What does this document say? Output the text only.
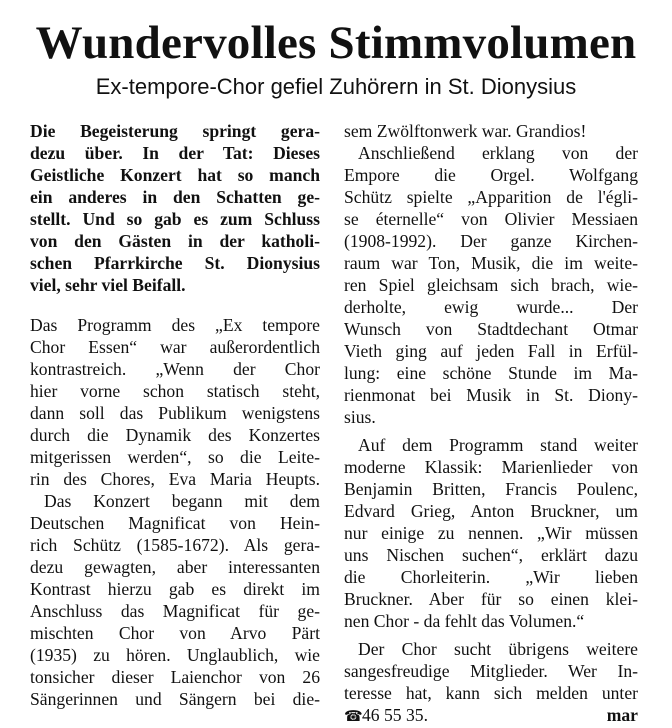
Wundervolles Stimmvolumen
Ex-tempore-Chor gefiel Zuhörern in St. Dionysius
Die Begeisterung springt gera-
dezu über. In der Tat: Dieses
Geistliche Konzert hat so manch
ein anderes in den Schatten ge-
stellt. Und so gab es zum Schluss
von den Gästen in der katholi-
schen Pfarrkirche St. Dionysius
viel, sehr viel Beifall.
Das Programm des „Ex tempore
Chor Essen“ war außerordentlich
kontrastreich. „Wenn der Chor
hier vorne schon statisch steht,
dann soll das Publikum wenigstens
durch die Dynamik des Konzertes
mitgerissen werden“, so die Leite-
rin des Chores, Eva Maria Heupts.
Das Konzert begann mit dem
Deutschen Magnificat von Hein-
rich Schütz (1585-1672). Als gera-
dezu gewagten, aber interessanten
Kontrast hierzu gab es direkt im
Anschluss das Magnificat für ge-
mischten Chor von Arvo Pärt
(1935) zu hören. Unglaublich, wie
tonsicher dieser Laienchor von 26
Sängerinnen und Sängern bei die-
sem Zwölftonwerk war. Grandios!
Anschließend erklang von der
Empore die Orgel. Wolfgang
Schütz spielte „Apparition de l'égli-
se éternelle“ von Olivier Messiaen
(1908-1992). Der ganze Kirchen-
raum war Ton, Musik, die im weite-
ren Spiel gleichsam sich brach, wie-
derholte, ewig wurde... Der
Wunsch von Stadtdechant Otmar
Vieth ging auf jeden Fall in Erfül-
lung: eine schöne Stunde im Ma-
rienmonat bei Musik in St. Diony-
sius.
Auf dem Programm stand weiter
moderne Klassik: Marienlieder von
Benjamin Britten, Francis Poulenc,
Edvard Grieg, Anton Bruckner, um
nur einige zu nennen. „Wir müssen
uns Nischen suchen“, erklärt dazu
die Chorleiterin. „Wir lieben
Bruckner. Aber für so einen klei-
nen Chor - da fehlt das Volumen.“
Der Chor sucht übrigens weitere
sangesfreudige Mitglieder. Wer In-
teresse hat, kann sich melden unter
☎46 55 35.	mar
